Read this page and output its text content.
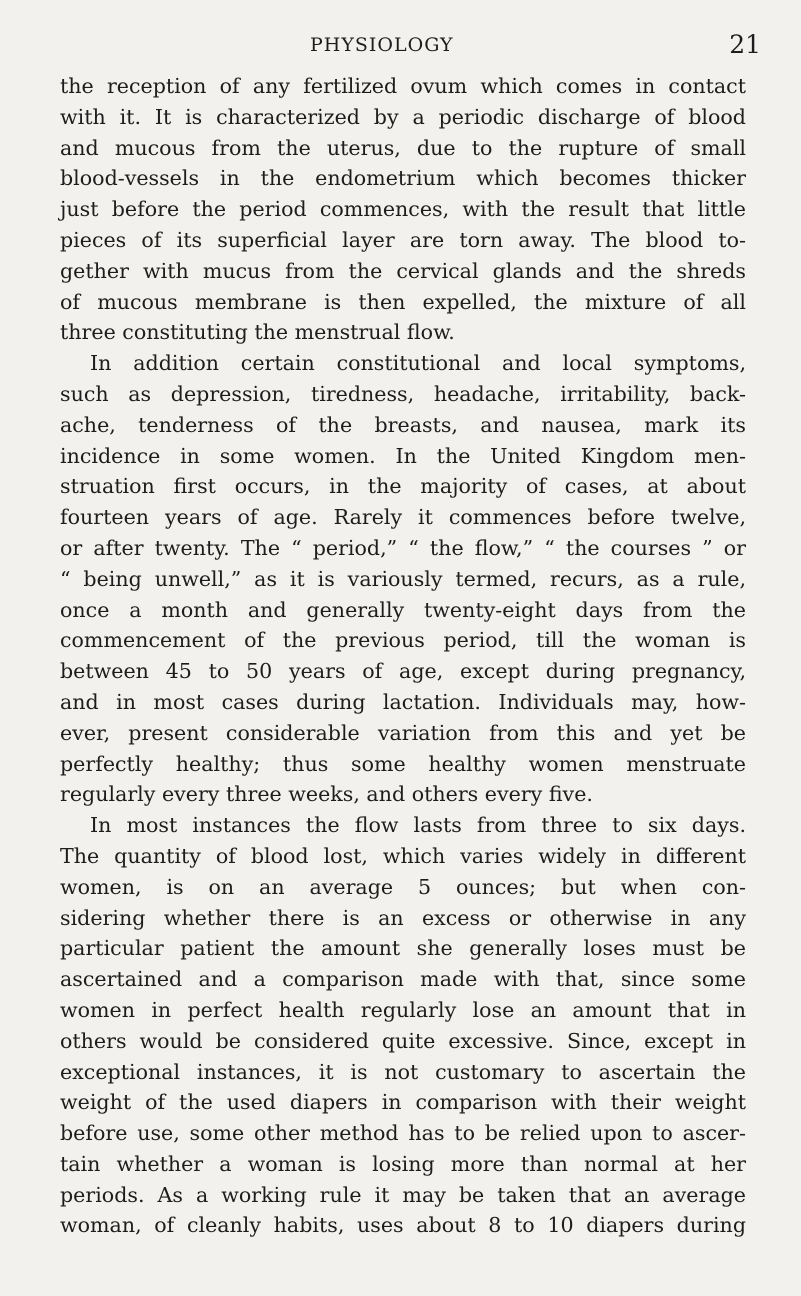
PHYSIOLOGY	21
the reception of any fertilized ovum which comes in contact
with it. It is characterized by a periodic discharge of blood
and mucous from the uterus, due to the rupture of small
blood-vessels in the endometrium which becomes thicker
just before the period commences, with the result that little
pieces of its superficial layer are torn away. The blood to-
gether with mucus from the cervical glands and the shreds
of mucous membrane is then expelled, the mixture of all
three constituting the menstrual flow.
In addition certain constitutional and local symptoms,
such as depression, tiredness, headache, irritability, back-
ache, tenderness of the breasts, and nausea, mark its
incidence in some women. In the United Kingdom men-
struation first occurs, in the majority of cases, at about
fourteen years of age. Rarely it commences before twelve,
or after twenty. The “ period,” “ the flow,” “ the courses ” or
“ being unwell,” as it is variously termed, recurs, as a rule,
once a month and generally twenty-eight days from the
commencement of the previous period, till the woman is
between 45 to 50 years of age, except during pregnancy,
and in most cases during lactation. Individuals may, how-
ever, present considerable variation from this and yet be
perfectly healthy; thus some healthy women menstruate
regularly every three weeks, and others every five.
In most instances the flow lasts from three to six days.
The quantity of blood lost, which varies widely in different
women, is on an average 5 ounces; but when con-
sidering whether there is an excess or otherwise in any
particular patient the amount she generally loses must be
ascertained and a comparison made with that, since some
women in perfect health regularly lose an amount that in
others would be considered quite excessive. Since, except in
exceptional instances, it is not customary to ascertain the
weight of the used diapers in comparison with their weight
before use, some other method has to be relied upon to ascer-
tain whether a woman is losing more than normal at her
periods. As a working rule it may be taken that an average
woman, of cleanly habits, uses about 8 to 10 diapers during
